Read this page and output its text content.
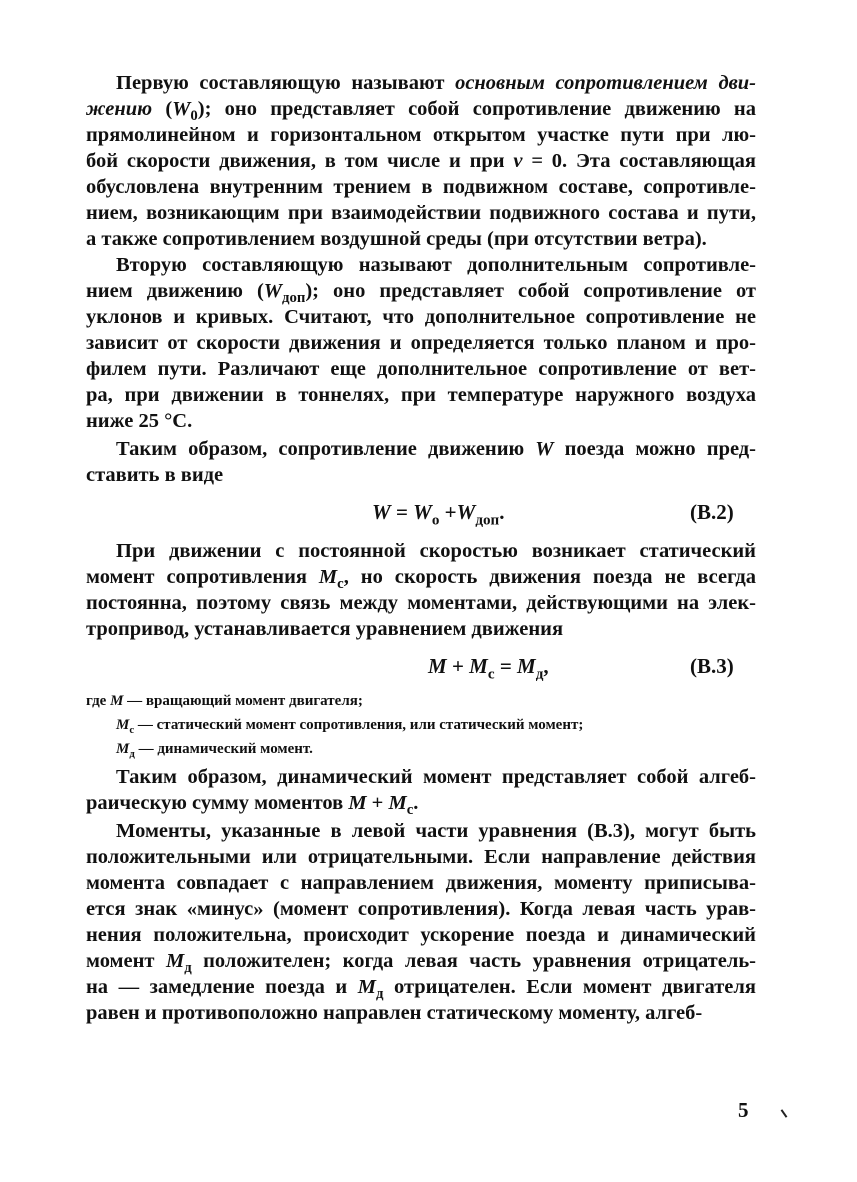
Первую составляющую называют основным сопротивлением дви-
жению $(W_0)$; оно представляет собой сопротивление движению на
прямолинейном и горизонтальном открытом участке пути при лю-
бой скорости движения, в том числе и при v = 0. Эта составляющая
обусловлена внутренним трением в подвижном составе, сопротивле-
нием, возникающим при взаимодействии подвижного состава и пути,
а также сопротивлением воздушной среды (при отсутствии ветра).
Вторую составляющую называют дополнительным сопротивле-
нием движению $(W_{доп})$; оно представляет собой сопротивление от
уклонов и кривых. Считают, что дополнительное сопротивление не
зависит от скорости движения и определяется только планом и про-
филем пути. Различают еще дополнительное сопротивление от вет-
ра, при движении в тоннелях, при температуре наружного воздуха
ниже 25 °С.
Таким образом, сопротивление движению W поезда можно пред-
ставить в виде
$W = W_о +W_{доп}$.	(В.2)
При движении с постоянной скоростью возникает статический
момент сопротивления $M_с$, но скорость движения поезда не всегда
постоянна, поэтому связь между моментами, действующими на элек-
тропривод, устанавливается уравнением движения
$M + M_с = M_д$,	(В.3)
где M — вращающий момент двигателя;
$M_с$ — статический момент сопротивления, или статический момент;
$M_д$ — динамический момент.
Таким образом, динамический момент представляет собой алгеб-
раическую сумму моментов $M + M_с$.
Моменты, указанные в левой части уравнения (В.3), могут быть
положительными или отрицательными. Если направление действия
момента совпадает с направлением движения, моменту приписыва-
ется знак «минус» (момент сопротивления). Когда левая часть урав-
нения положительна, происходит ускорение поезда и динамический
момент $M_д$ положителен; когда левая часть уравнения отрицатель-
на — замедление поезда и $M_д$ отрицателен. Если момент двигателя
равен и противоположно направлен статическому моменту, алгеб-
5
